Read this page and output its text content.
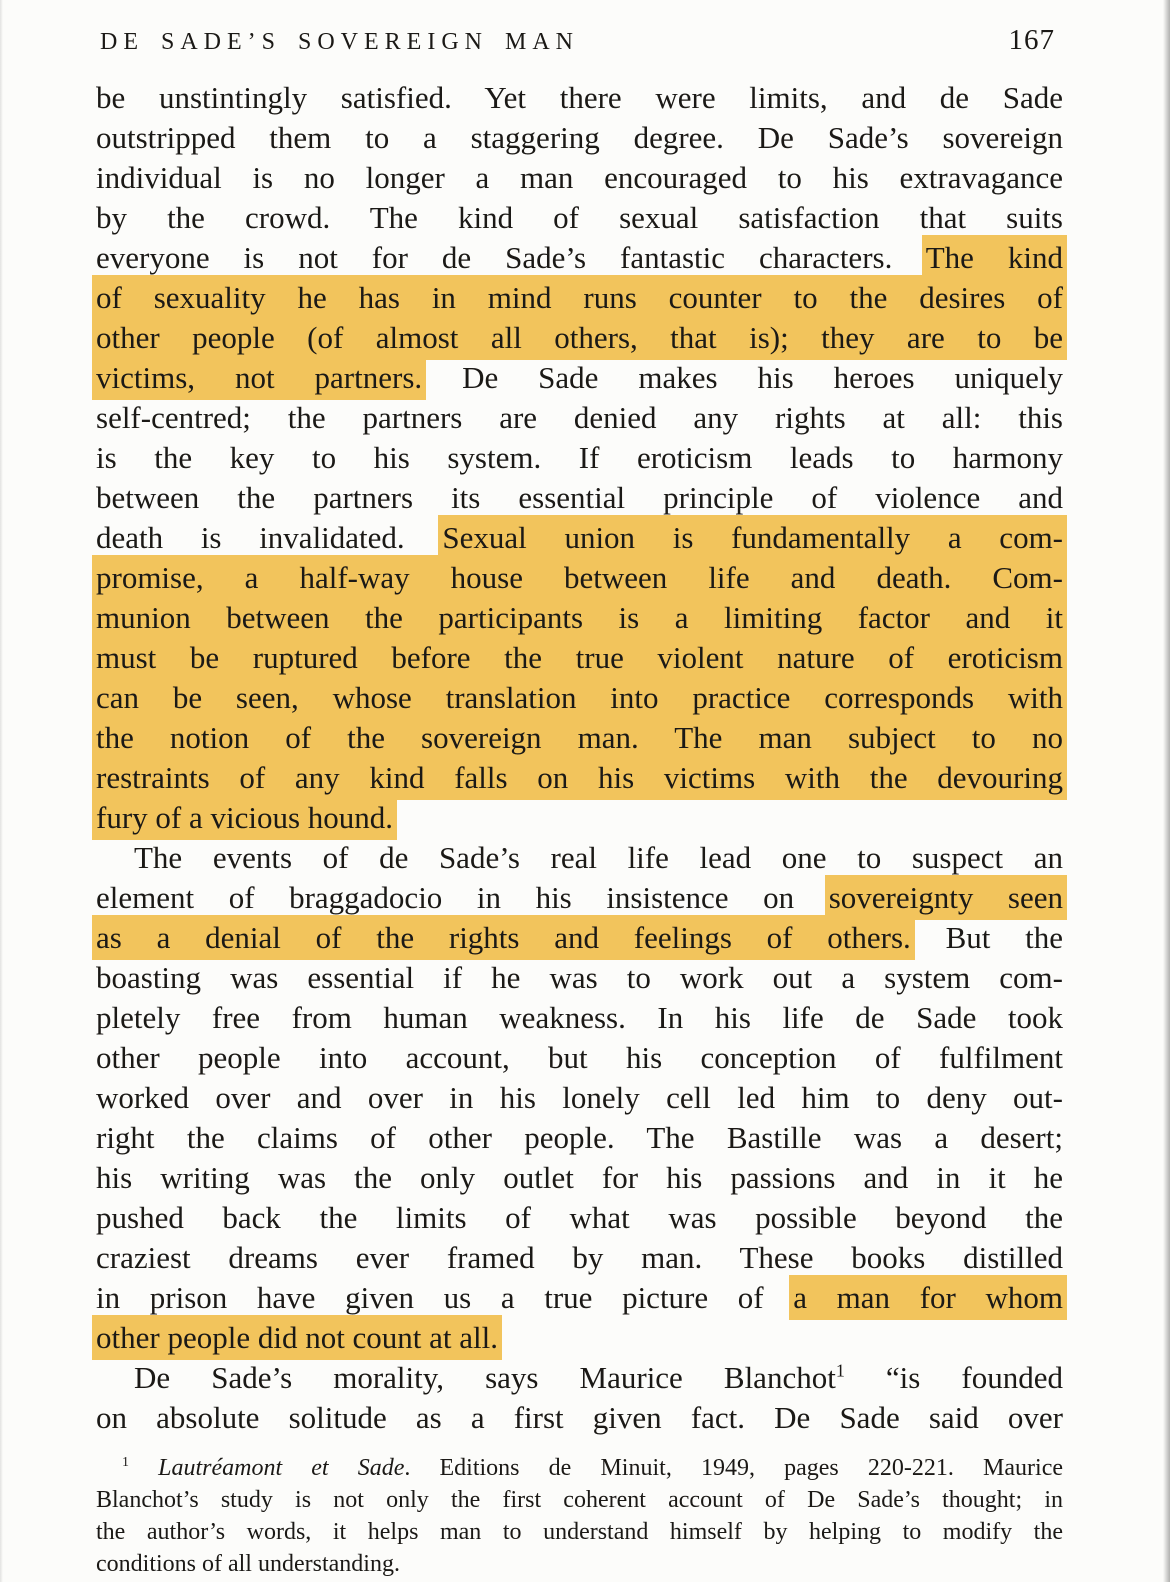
DE SADE’S SOVEREIGN MAN	167
be unstintingly satisfied. Yet there were limits, and de Sade
outstripped them to a staggering degree. De Sade’s sovereign
individual is no longer a man encouraged to his extravagance
by the crowd. The kind of sexual satisfaction that suits
everyone is not for de Sade’s fantastic characters. The kind
of sexuality he has in mind runs counter to the desires of
other people (of almost all others, that is); they are to be
victims, not partners. De Sade makes his heroes uniquely
self-centred; the partners are denied any rights at all: this
is the key to his system. If eroticism leads to harmony
between the partners its essential principle of violence and
death is invalidated. Sexual union is fundamentally a com-
promise, a half-way house between life and death. Com-
munion between the participants is a limiting factor and it
must be ruptured before the true violent nature of eroticism
can be seen, whose translation into practice corresponds with
the notion of the sovereign man. The man subject to no
restraints of any kind falls on his victims with the devouring
fury of a vicious hound.
The events of de Sade’s real life lead one to suspect an
element of braggadocio in his insistence on sovereignty seen
as a denial of the rights and feelings of others. But the
boasting was essential if he was to work out a system com-
pletely free from human weakness. In his life de Sade took
other people into account, but his conception of fulfilment
worked over and over in his lonely cell led him to deny out-
right the claims of other people. The Bastille was a desert;
his writing was the only outlet for his passions and in it he
pushed back the limits of what was possible beyond the
craziest dreams ever framed by man. These books distilled
in prison have given us a true picture of a man for whom
other people did not count at all.
De Sade’s morality, says Maurice Blanchot$^1$ “is founded
on absolute solitude as a first given fact. De Sade said over
$^1$ Lautréamont et Sade. Editions de Minuit, 1949, pages 220-221. Maurice
Blanchot’s study is not only the first coherent account of De Sade’s thought; in
the author’s words, it helps man to understand himself by helping to modify the
conditions of all understanding.
